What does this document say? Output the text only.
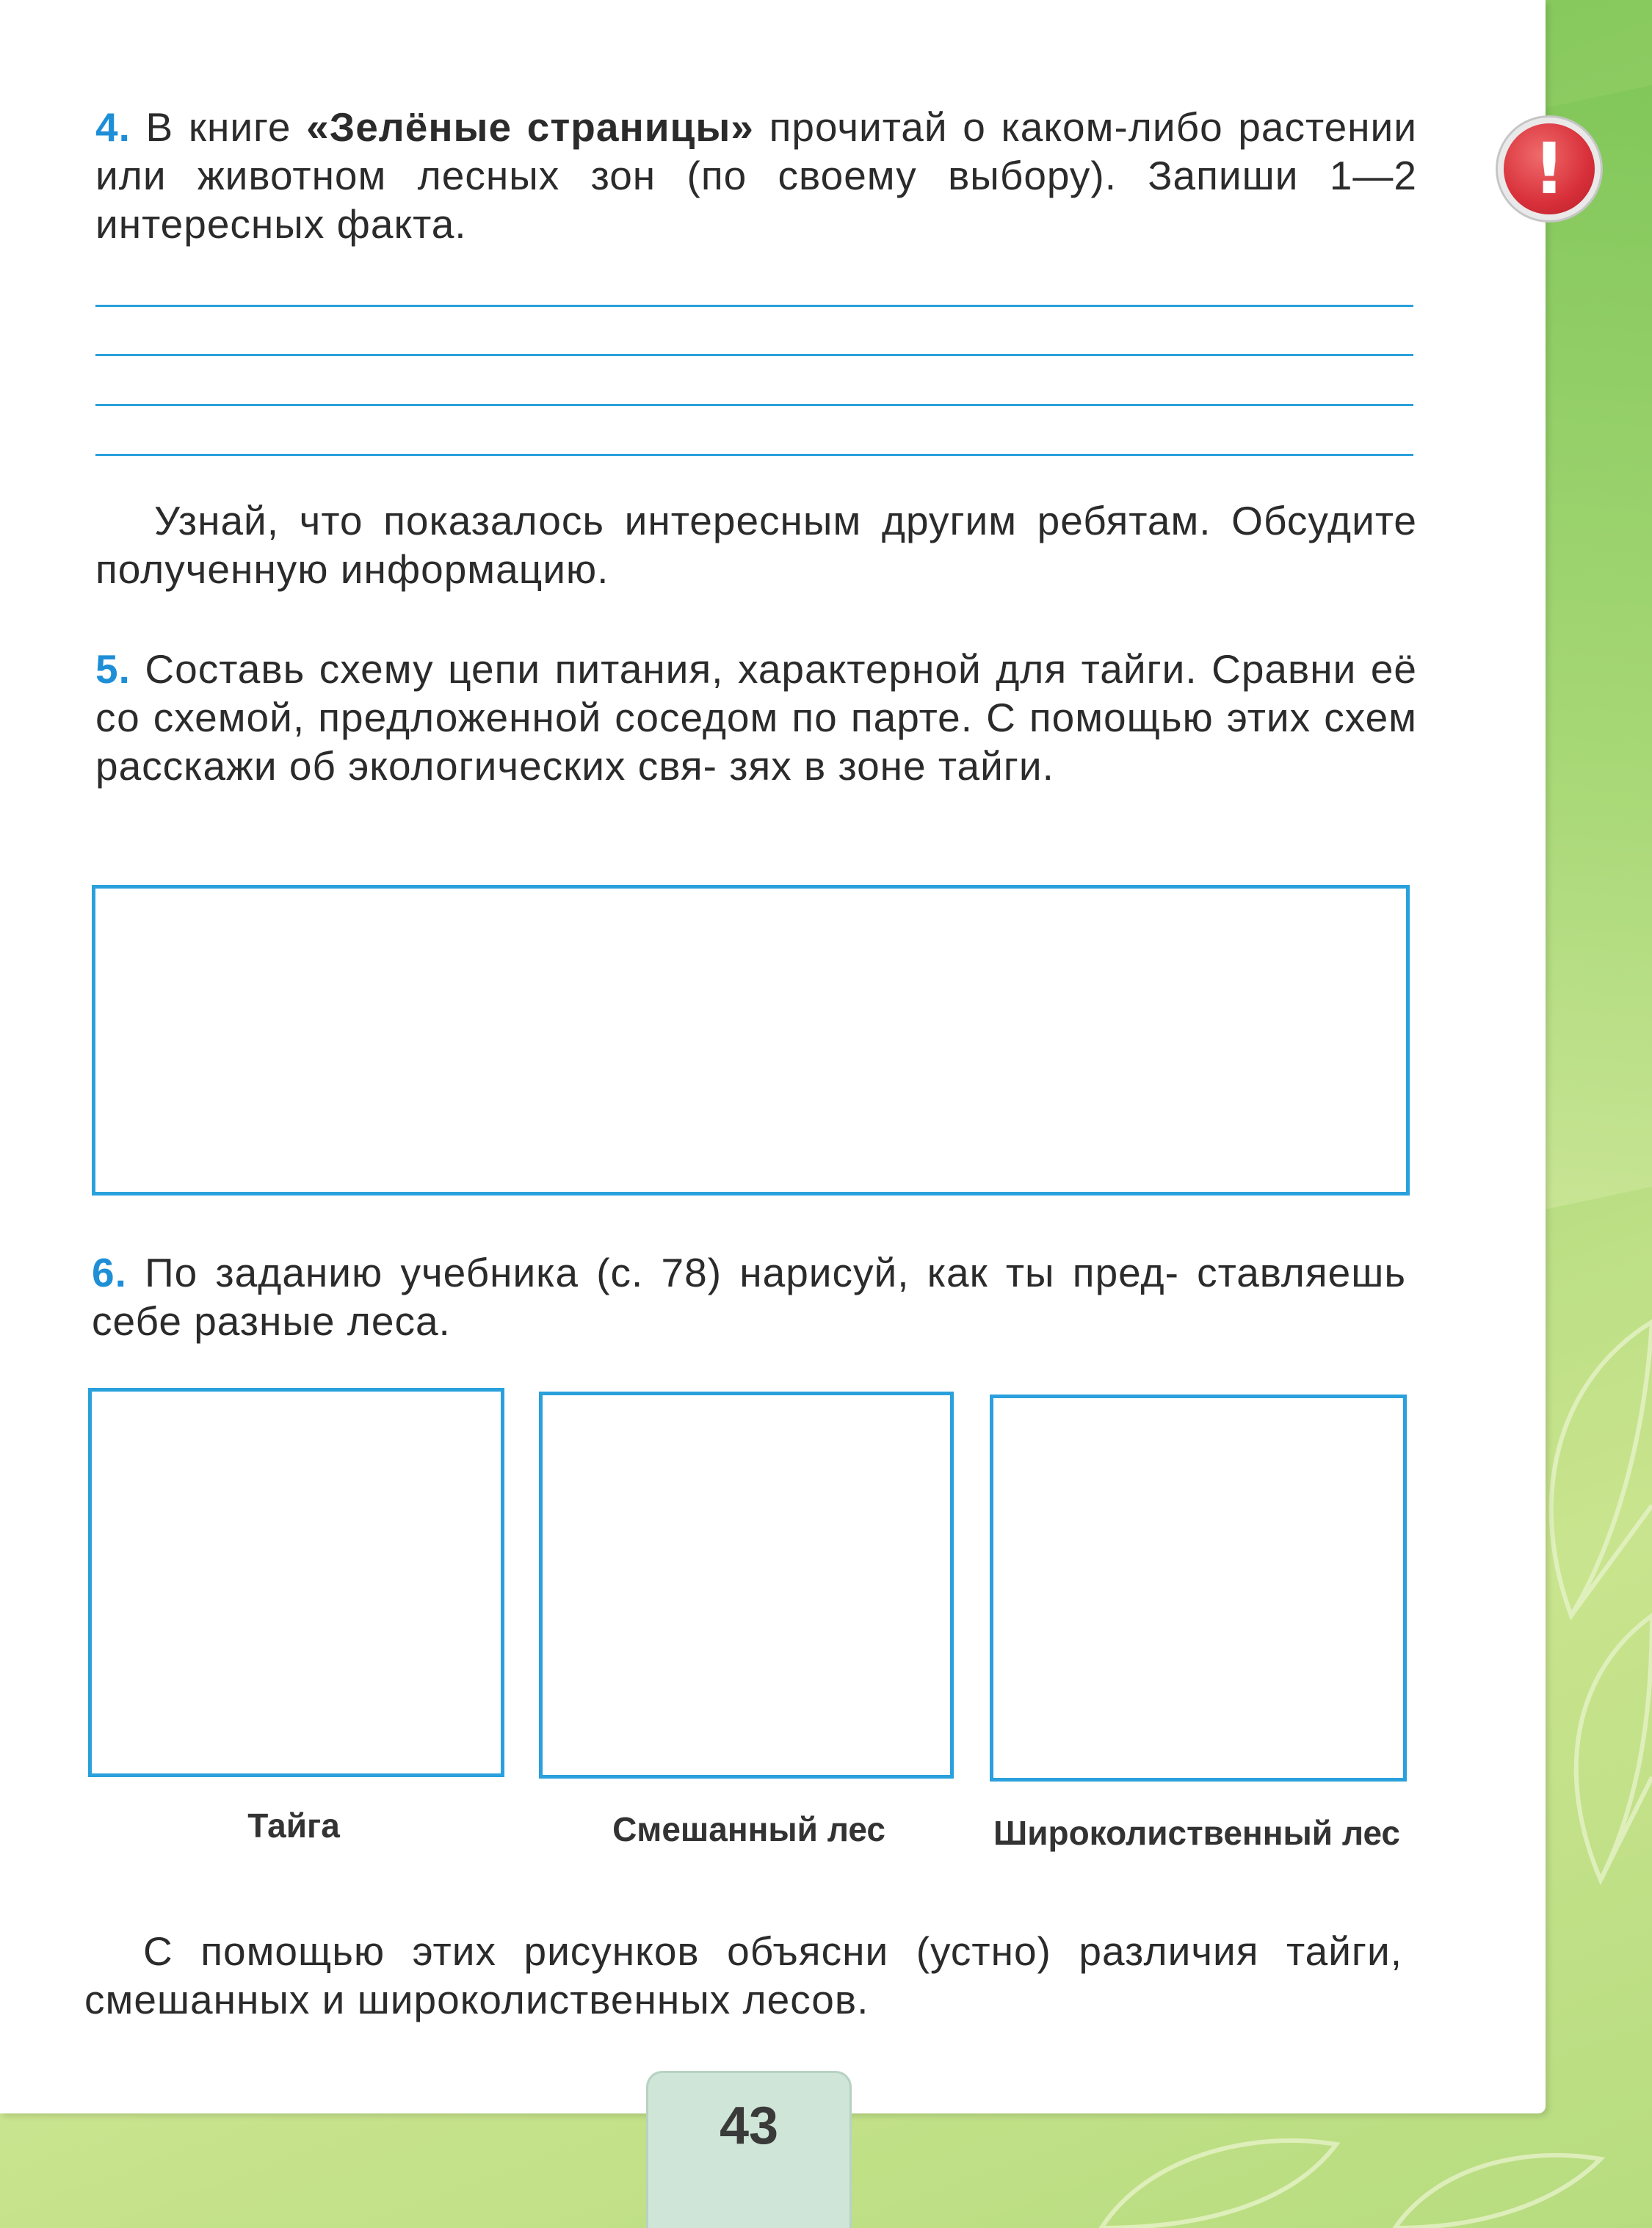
!
4. В книге «Зелёные страницы» прочитай о каком-либо растении или животном лесных зон (по своему выбору). Запиши 1—2 интересных факта.
Узнай, что показалось интересным другим ребятам. Обсудите полученную информацию.
5. Составь схему цепи питания, характерной для тайги. Сравни её со схемой, предложенной соседом по парте. С помощью этих схем расскажи об экологических свя- зях в зоне тайги.
6. По заданию учебника (с. 78) нарисуй, как ты пред- ставляешь себе разные леса.
Тайга	Смешанный лес	Широколиственный лес
С помощью этих рисунков объясни (устно) различия тайги, смешанных и широколиственных лесов.
43
